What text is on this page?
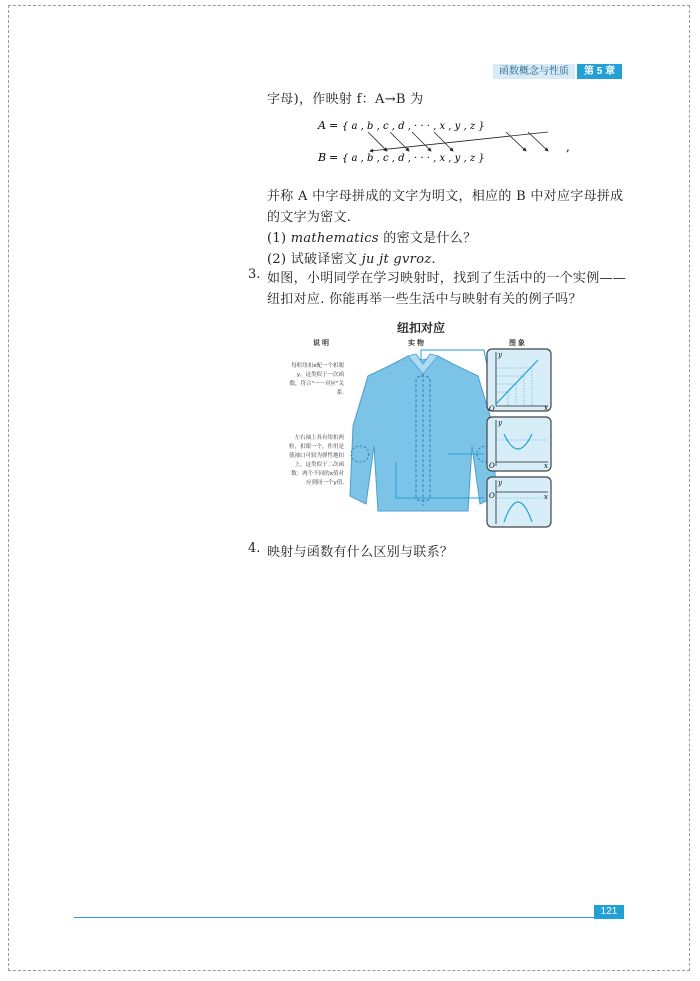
函数概念与性质	第 5 章
字母)，作映射 f：A→B 为
A = { a , b , c , d , · · · , x , y , z }
B = { a , b , c , d , · · · , x , y , z }
,
并称 A 中字母拼成的文字为明文，相应的 B 中对应字母拼成
的文字为密文.
(1) mathematics 的密文是什么？
(2) 试破译密文 ju jt gvroz.
3. 如图，小明同学在学习映射时，找到了生活中的一个实例——
纽扣对应. 你能再举一些生活中与映射有关的例子吗？
纽扣对应
说 明	实 物	图 象
每粒纽扣x配一个扣眼y，这类似于一次函数，符合"一一对应"关系.
左右袖上各有纽扣两粒，扣眼一个，作用是使袖口可较为弹性地扣上，这类似于二次函数：两个不同的x值对应到同一个y值.
y
x
O
y
x
O
y
x
O
4. 映射与函数有什么区别与联系？
121
